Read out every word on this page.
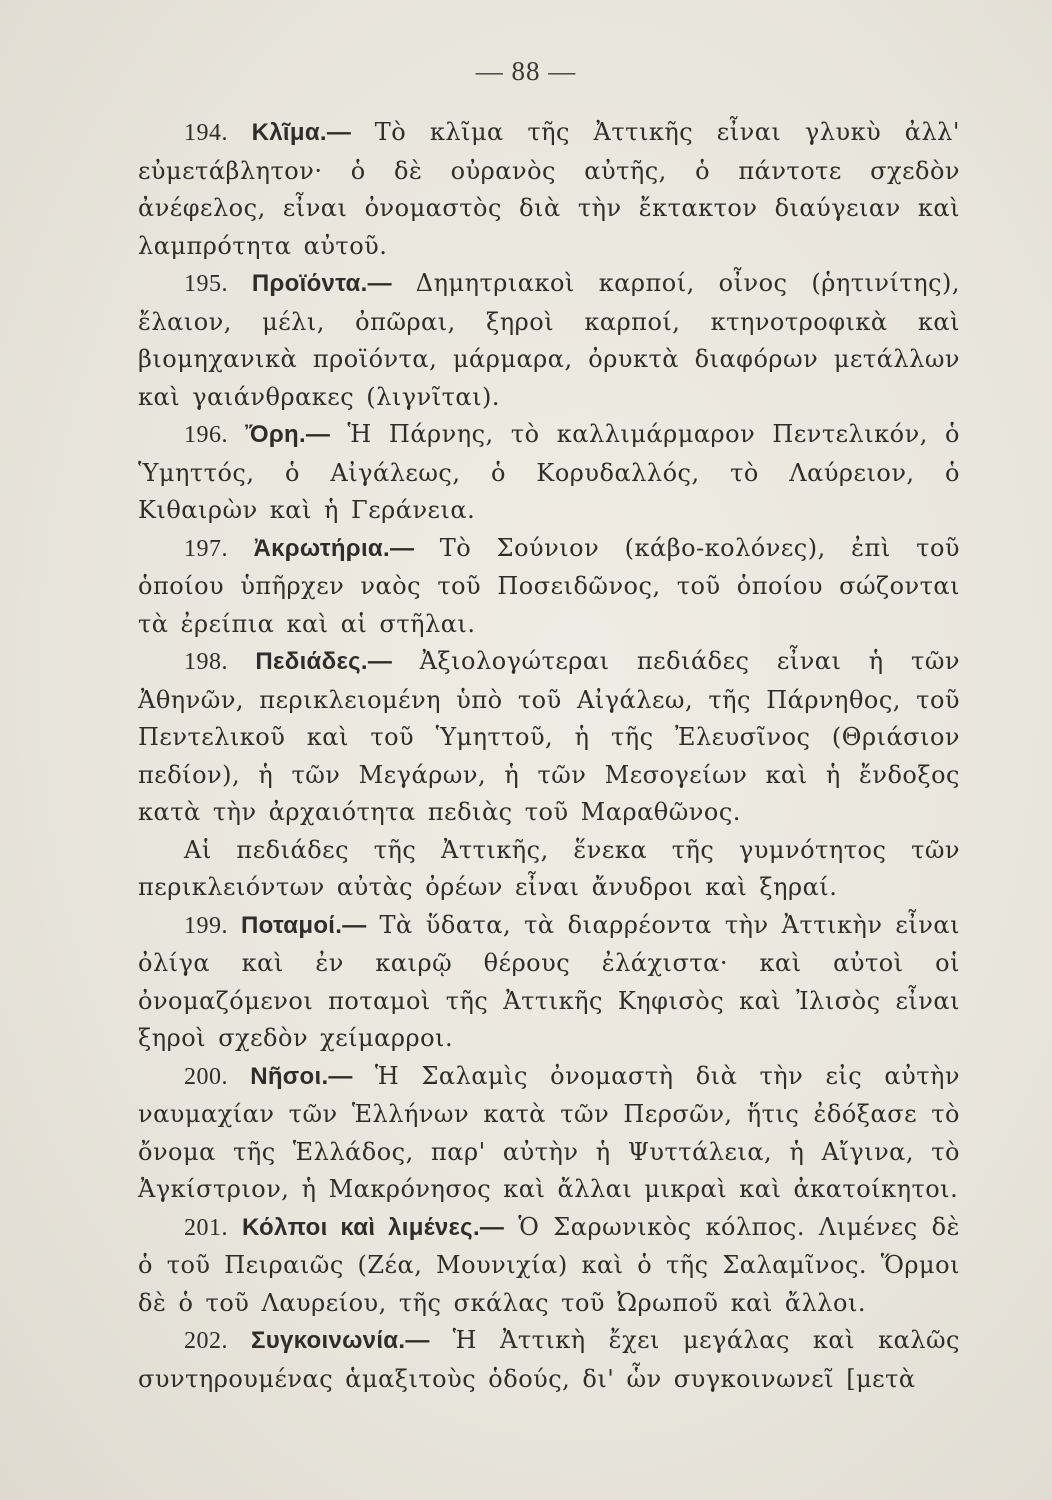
— 88 —

194. Κλῖμα.— Τὸ κλῖμα τῆς Ἀττικῆς εἶναι γλυκὺ ἀλλ' εὐμετάβλητον· ὁ δὲ οὐρανὸς αὐτῆς, ὁ πάντοτε σχεδὸν ἀνέφελος, εἶναι ὀνομαστὸς διὰ τὴν ἔκτακτον διαύγειαν καὶ λαμπρότητα αὐτοῦ.

195. Προϊόντα.— Δημητριακοὶ καρποί, οἶνος (ῥητινίτης), ἔλαιον, μέλι, ὀπῶραι, ξηροὶ καρποί, κτηνοτροφικὰ καὶ βιομηχανικὰ προϊόντα, μάρμαρα, ὀρυκτὰ διαφόρων μετάλλων καὶ γαιάνθρακες (λιγνῖται).

196. Ὄρη.— Ἡ Πάρνης, τὸ καλλιμάρμαρον Πεντελικόν, ὁ Ὑμηττός, ὁ Αἰγάλεως, ὁ Κορυδαλλός, τὸ Λαύρειον, ὁ Κιθαιρὼν καὶ ἡ Γεράνεια.

197. Ἀκρωτήρια.— Τὸ Σούνιον (κάβο-κολόνες), ἐπὶ τοῦ ὁποίου ὑπῆρχεν ναὸς τοῦ Ποσειδῶνος, τοῦ ὁποίου σώζονται τὰ ἐρείπια καὶ αἱ στῆλαι.

198. Πεδιάδες.— Ἀξιολογώτεραι πεδιάδες εἶναι ἡ τῶν Ἀθηνῶν, περικλειομένη ὑπὸ τοῦ Αἰγάλεω, τῆς Πάρνηθος, τοῦ Πεντελικοῦ καὶ τοῦ Ὑμηττοῦ, ἡ τῆς Ἐλευσῖνος (Θριάσιον πεδίον), ἡ τῶν Μεγάρων, ἡ τῶν Μεσογείων καὶ ἡ ἔνδοξος κατὰ τὴν ἀρχαιότητα πεδιὰς τοῦ Μαραθῶνος.

Αἱ πεδιάδες τῆς Ἀττικῆς, ἕνεκα τῆς γυμνότητος τῶν περικλειόντων αὐτὰς ὀρέων εἶναι ἄνυδροι καὶ ξηραί.

199. Ποταμοί.— Τὰ ὕδατα, τὰ διαρρέοντα τὴν Ἀττικὴν εἶναι ὀλίγα καὶ ἐν καιρῷ θέρους ἐλάχιστα· καὶ αὐτοὶ οἱ ὀνομαζόμενοι ποταμοὶ τῆς Ἀττικῆς Κηφισὸς καὶ Ἰλισὸς εἶναι ξηροὶ σχεδὸν χείμαρροι.

200. Νῆσοι.— Ἡ Σαλαμὶς ὀνομαστὴ διὰ τὴν εἰς αὐτὴν ναυμαχίαν τῶν Ἑλλήνων κατὰ τῶν Περσῶν, ἥτις ἐδόξασε τὸ ὄνομα τῆς Ἑλλάδος, παρ' αὐτὴν ἡ Ψυττάλεια, ἡ Αἴγινα, τὸ Ἀγκίστριον, ἡ Μακρόνησος καὶ ἄλλαι μικραὶ καὶ ἀκατοίκητοι.

201. Κόλποι καὶ λιμένες.— Ὁ Σαρωνικὸς κόλπος. Λιμένες δὲ ὁ τοῦ Πειραιῶς (Ζέα, Μουνιχία) καὶ ὁ τῆς Σαλαμῖνος. Ὅρμοι δὲ ὁ τοῦ Λαυρείου, τῆς σκάλας τοῦ Ὠρωποῦ καὶ ἄλλοι.

202. Συγκοινωνία.— Ἡ Ἀττικὴ ἔχει μεγάλας καὶ καλῶς συντηρουμένας ἁμαξιτοὺς ὁδούς, δι' ὧν συγκοινωνεῖ [μετὰ
